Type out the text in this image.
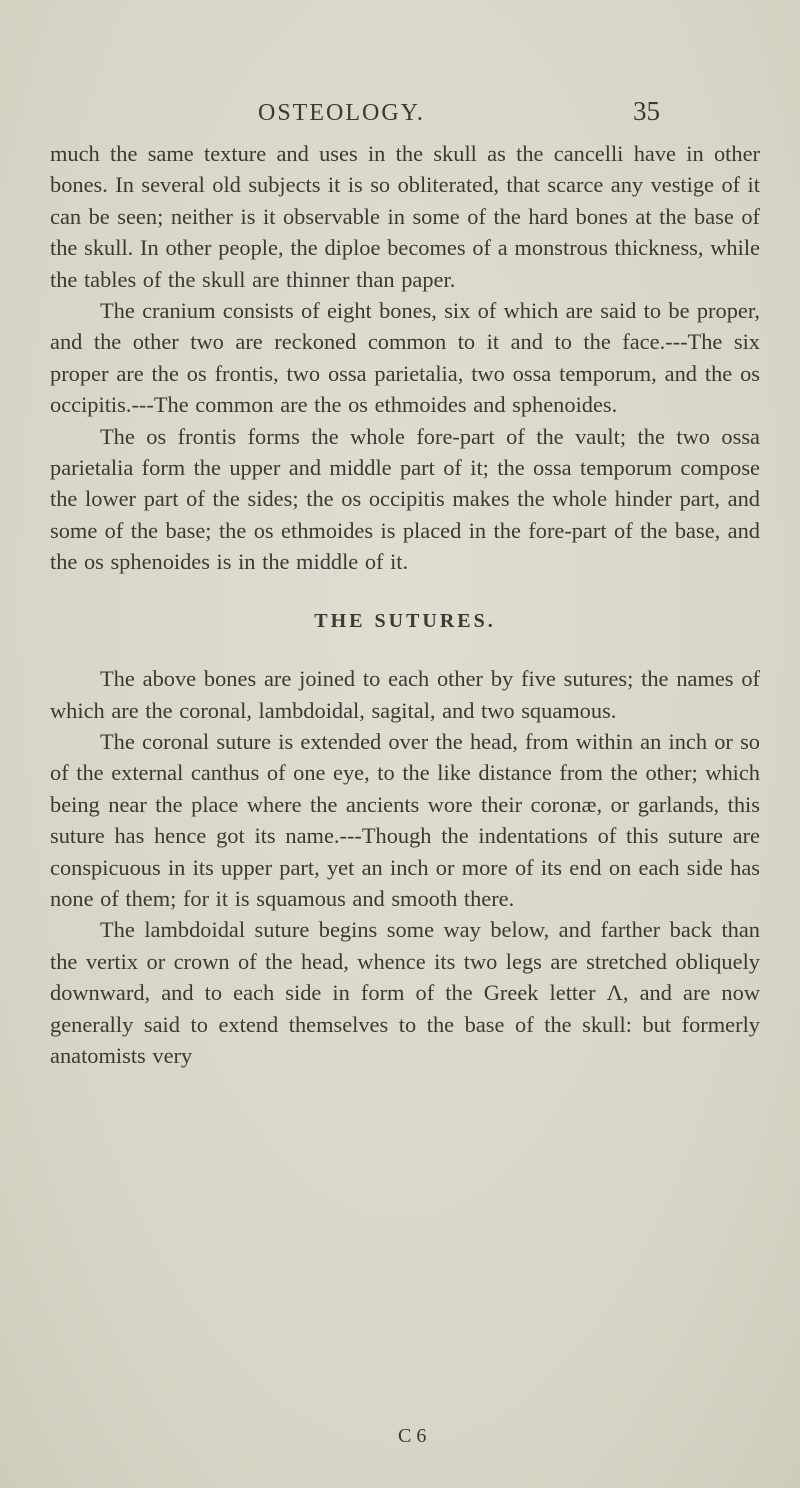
OSTEOLOGY.	35

much the same texture and uses in the skull as the cancelli have in other bones. In several old subjects it is so obliterated, that scarce any vestige of it can be seen; neither is it observable in some of the hard bones at the base of the skull. In other people, the diploe becomes of a monstrous thickness, while the tables of the skull are thinner than paper.

The cranium consists of eight bones, six of which are said to be proper, and the other two are reckoned common to it and to the face.---The six proper are the os frontis, two ossa parietalia, two ossa temporum, and the os occipitis.---The common are the os ethmoides and sphenoides.

The os frontis forms the whole fore-part of the vault; the two ossa parietalia form the upper and middle part of it; the ossa temporum compose the lower part of the sides; the os occipitis makes the whole hinder part, and some of the base; the os ethmoides is placed in the fore-part of the base, and the os sphenoides is in the middle of it.

THE SUTURES.

The above bones are joined to each other by five sutures; the names of which are the coronal, lambdoidal, sagital, and two squamous.

The coronal suture is extended over the head, from within an inch or so of the external canthus of one eye, to the like distance from the other; which being near the place where the ancients wore their coronæ, or garlands, this suture has hence got its name.---Though the indentations of this suture are conspicuous in its upper part, yet an inch or more of its end on each side has none of them; for it is squamous and smooth there.

The lambdoidal suture begins some way below, and farther back than the vertix or crown of the head, whence its two legs are stretched obliquely downward, and to each side in form of the Greek letter Λ, and are now generally said to extend themselves to the base of the skull: but formerly anatomists very

C 6
